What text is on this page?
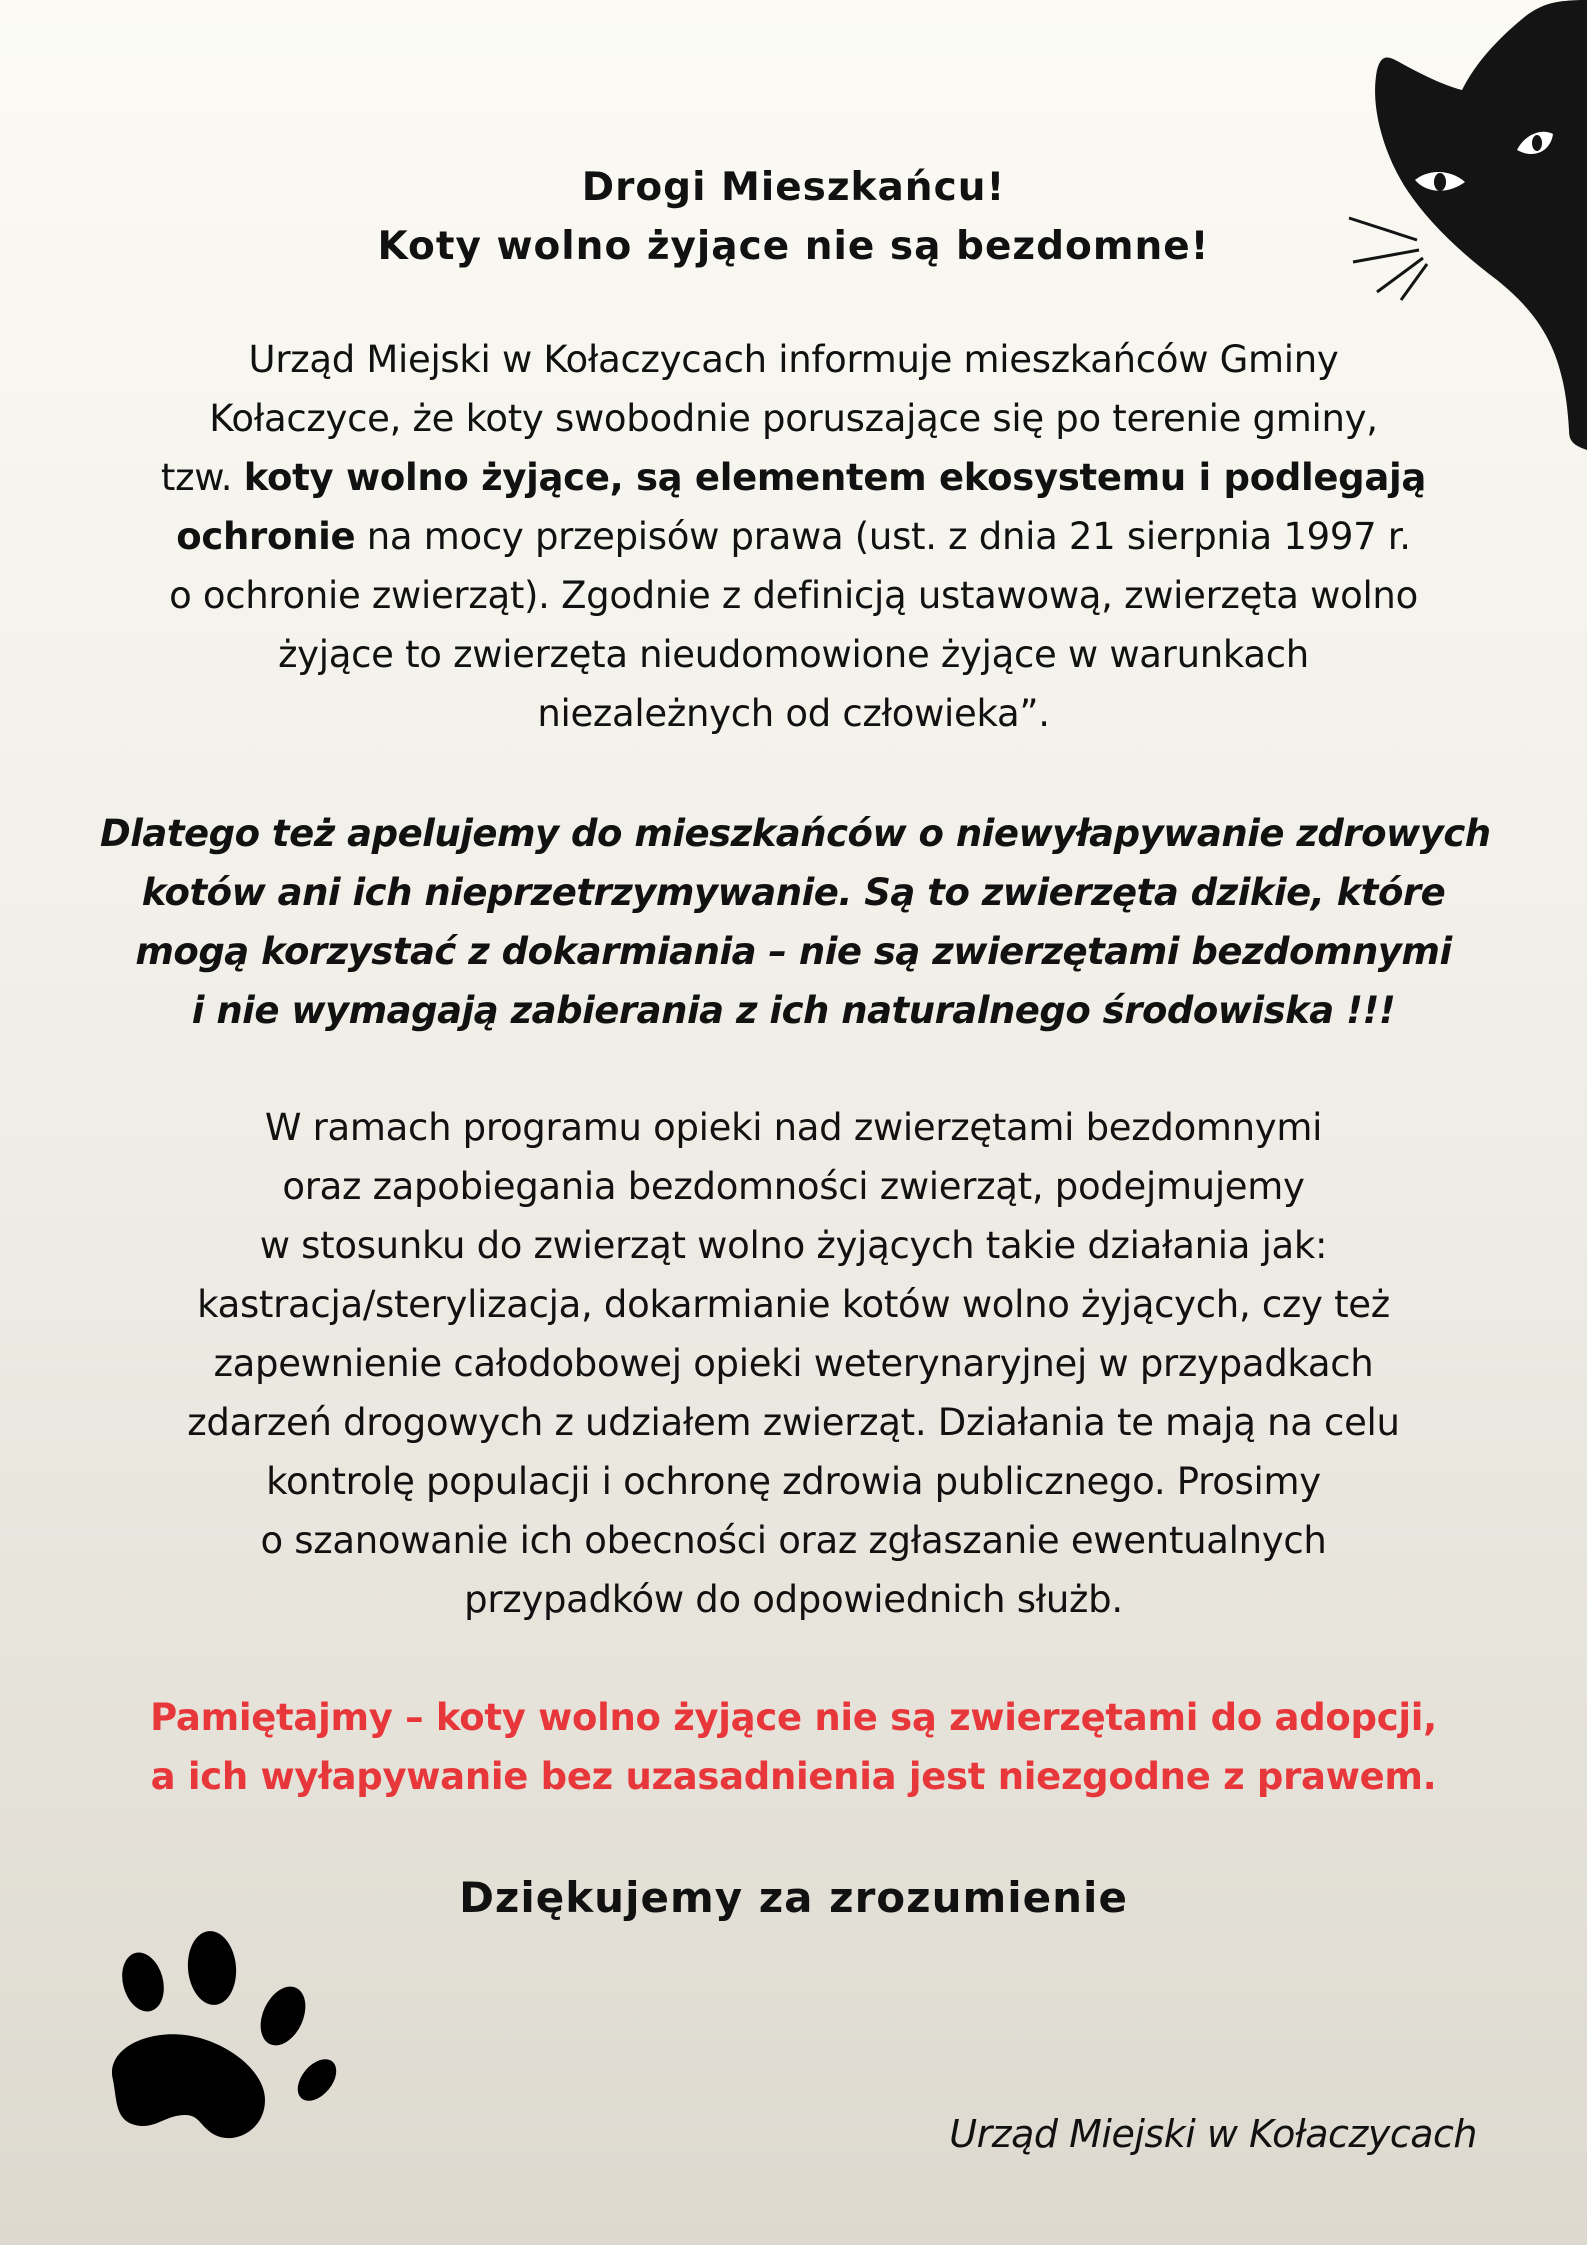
Drogi Mieszkańcu!
Koty wolno żyjące nie są bezdomne!
Urząd Miejski w Kołaczycach informuje mieszkańców Gminy
Kołaczyce, że koty swobodnie poruszające się po terenie gminy,
tzw. koty wolno żyjące, są elementem ekosystemu i podlegają
ochronie na mocy przepisów prawa (ust. z dnia 21 sierpnia 1997 r.
o ochronie zwierząt). Zgodnie z definicją ustawową, zwierzęta wolno
żyjące to zwierzęta nieudomowione żyjące w warunkach
niezależnych od człowieka”.
Dlatego też apelujemy do mieszkańców o niewyłapywanie zdrowych
kotów ani ich nieprzetrzymywanie. Są to zwierzęta dzikie, które
mogą korzystać z dokarmiania – nie są zwierzętami bezdomnymi
i nie wymagają zabierania z ich naturalnego środowiska !!!
W ramach programu opieki nad zwierzętami bezdomnymi
oraz zapobiegania bezdomności zwierząt, podejmujemy
w stosunku do zwierząt wolno żyjących takie działania jak:
kastracja/sterylizacja, dokarmianie kotów wolno żyjących, czy też
zapewnienie całodobowej opieki weterynaryjnej w przypadkach
zdarzeń drogowych z udziałem zwierząt. Działania te mają na celu
kontrolę populacji i ochronę zdrowia publicznego. Prosimy
o szanowanie ich obecności oraz zgłaszanie ewentualnych
przypadków do odpowiednich służb.
Pamiętajmy – koty wolno żyjące nie są zwierzętami do adopcji,
a ich wyłapywanie bez uzasadnienia jest niezgodne z prawem.
Dziękujemy za zrozumienie
Urząd Miejski w Kołaczycach
